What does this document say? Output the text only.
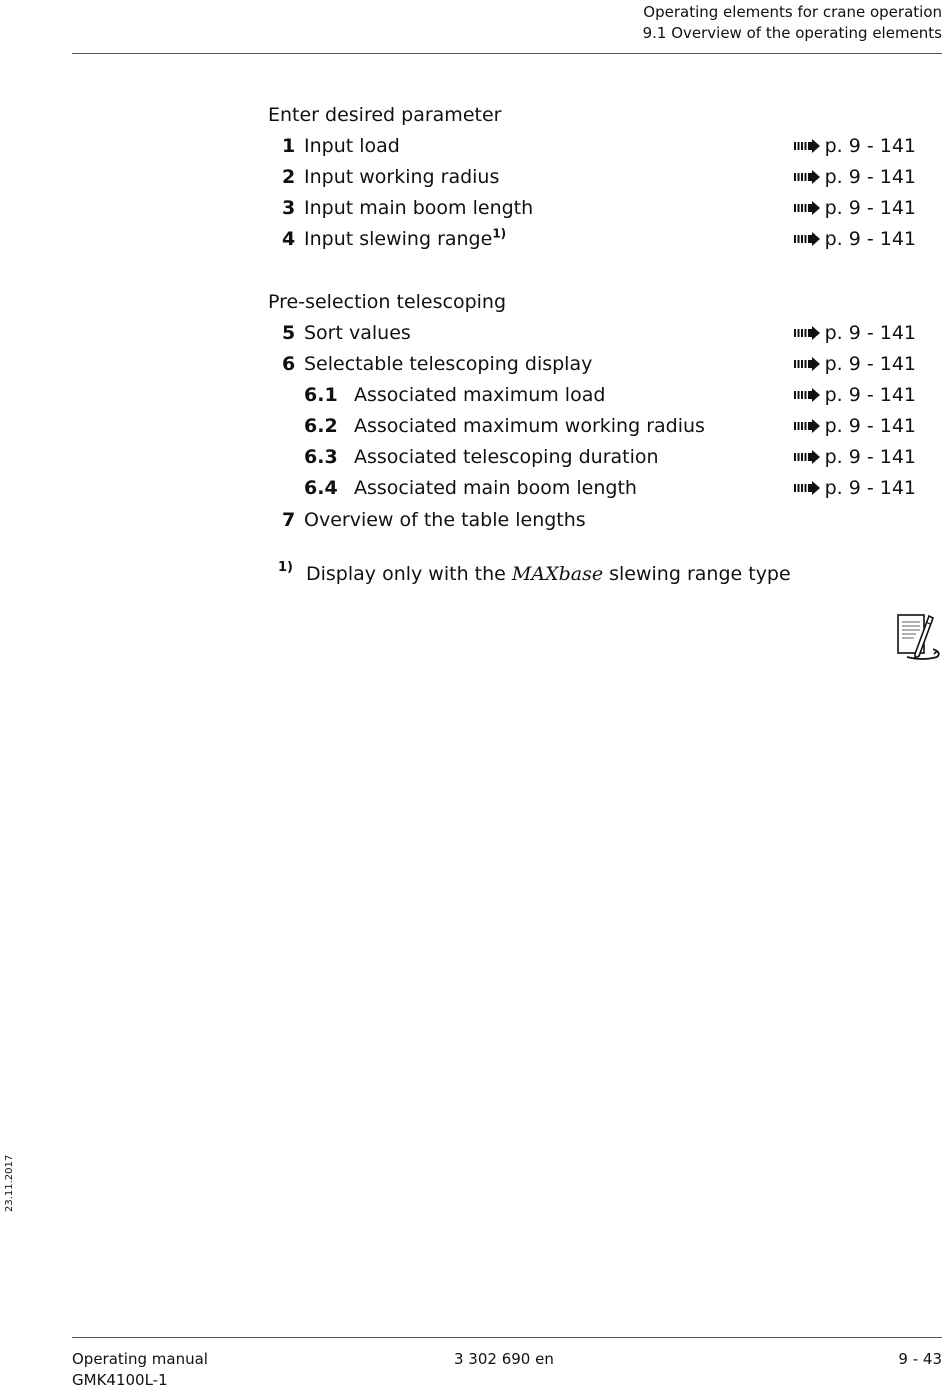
Operating elements for crane operation
9.1 Overview of the operating elements
Enter desired parameter
1 Input load	p. 9 - 141
2 Input working radius	p. 9 - 141
3 Input main boom length	p. 9 - 141
4 Input slewing range$^{1)}$	p. 9 - 141
Pre-selection telescoping
5 Sort values	p. 9 - 141
6 Selectable telescoping display	p. 9 - 141
6.1 Associated maximum load	p. 9 - 141
6.2 Associated maximum working radius	p. 9 - 141
6.3 Associated telescoping duration	p. 9 - 141
6.4 Associated main boom length	p. 9 - 141
7 Overview of the table lengths
1) Display only with the MAXbase slewing range type
23.11.2017
Operating manual
GMK4100L-1
3 302 690 en	9 - 43
